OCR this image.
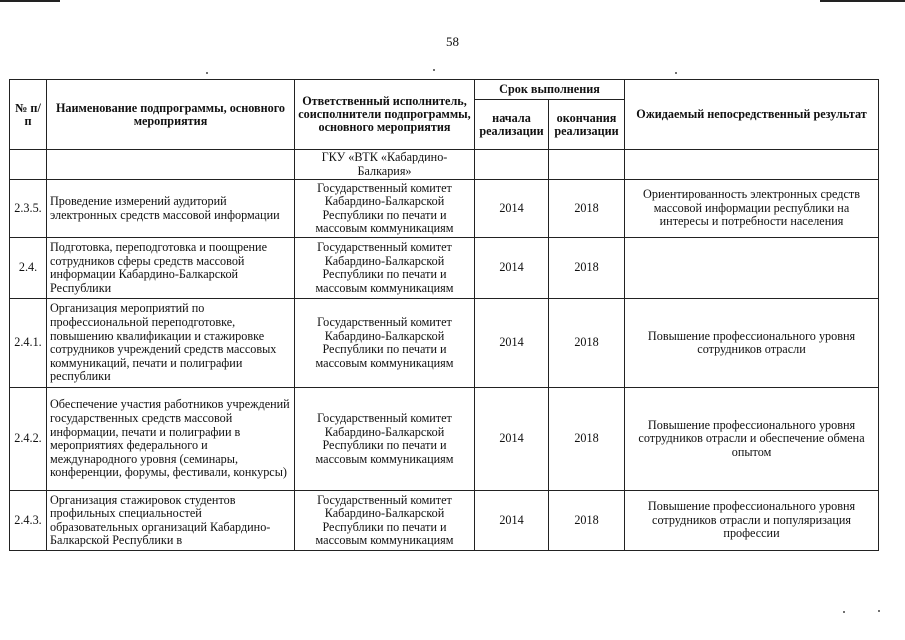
58
№ п/п	Наименование подпрограммы, основного мероприятия	Ответственный исполнитель, соисполнители подпрограммы, основного мероприятия	Срок выполнения		Ожидаемый непосредственный результат
			начала реализации	окончания реализации	
		ГКУ «ВТК «Кабардино-Балкария»			
2.3.5.	Проведение измерений аудиторий электронных средств массовой информации	Государственный комитет Кабардино-Балкарской Республики по печати и массовым коммуникациям	2014	2018	Ориентированность электронных средств массовой информации республики на интересы и потребности населения
2.4.	Подготовка, переподготовка и поощрение сотрудников сферы средств массовой информации Кабардино-Балкарской Республики	Государственный комитет Кабардино-Балкарской Республики по печати и массовым коммуникациям	2014	2018	
2.4.1.	Организация мероприятий по профессиональной переподготовке, повышению квалификации и стажировке сотрудников учреждений средств массовых коммуникаций, печати и полиграфии республики	Государственный комитет Кабардино-Балкарской Республики по печати и массовым коммуникациям	2014	2018	Повышение профессионального уровня сотрудников отрасли
2.4.2.	Обеспечение участия работников учреждений государственных средств массовой информации, печати и полиграфии в мероприятиях федерального и международного уровня (семинары, конференции, форумы, фестивали, конкурсы)	Государственный комитет Кабардино-Балкарской Республики по печати и массовым коммуникациям	2014	2018	Повышение профессионального уровня сотрудников отрасли и обеспечение обмена опытом
2.4.3.	Организация стажировок студентов профильных специальностей образовательных организаций Кабардино-Балкарской Республики в	Государственный комитет Кабардино-Балкарской Республики по печати и массовым коммуникациям	2014	2018	Повышение профессионального уровня сотрудников отрасли и популяризация профессии
